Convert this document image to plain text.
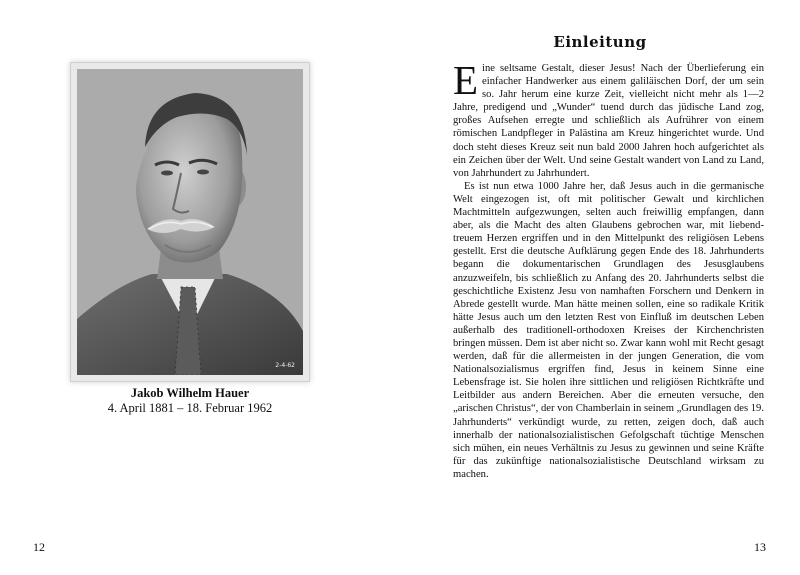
2-4-62
Jakob Wilhelm Hauer
4. April 1881 – 18. Februar 1962
12
Einleitung

Eine seltsame Gestalt, dieser Jesus! Nach der Überlieferung ein einfacher Handwerker aus einem galiläischen Dorf, der um sein so. Jahr herum eine kurze Zeit, vielleicht nicht mehr als 1—2 Jahre, predigend und „Wunder“ tuend durch das jüdische Land zog, großes Aufsehen erregte und schließlich als Aufrührer von einem römischen Landpfleger in Palästina am Kreuz hingerichtet wurde. Und doch steht dieses Kreuz seit nun bald 2000 Jahren hoch aufgerichtet als ein Zeichen über der Welt. Und seine Gestalt wandert von Land zu Land, von Jahrhundert zu Jahrhundert.

Es ist nun etwa 1000 Jahre her, daß Jesus auch in die germanische Welt eingezogen ist, oft mit politischer Gewalt und kirchlichen Machtmitteln aufgezwungen, selten auch freiwillig empfangen, dann aber, als die Macht des alten Glaubens gebrochen war, mit liebend-treuem Herzen ergriffen und in den Mittelpunkt des religiösen Lebens gestellt. Erst die deutsche Aufklärung gegen Ende des 18. Jahrhunderts begann die dokumentarischen Grundlagen des Jesusglaubens anzuzweifeln, bis schließlich zu Anfang des 20. Jahrhunderts selbst die geschichtliche Existenz Jesu von namhaften Forschern und Denkern in Abrede gestellt wurde. Man hätte meinen sollen, eine so radikale Kritik hätte Jesus auch um den letzten Rest von Einfluß im deutschen Leben außerhalb des traditionell-orthodoxen Kreises der Kirchenchristen bringen müssen. Dem ist aber nicht so. Zwar kann wohl mit Recht gesagt werden, daß für die allermeisten in der jungen Generation, die vom Nationalsozialismus ergriffen find, Jesus in keinem Sinne eine Lebensfrage ist. Sie holen ihre sittlichen und religiösen Richtkräfte und Leitbilder aus andern Bereichen. Aber die erneuten versuche, den „arischen Christus“, der von Chamberlain in seinem „Grundlagen des 19. Jahrhunderts“ verkündigt wurde, zu retten, zeigen doch, daß auch innerhalb der nationalsozialistischen Gefolgschaft tüchtige Menschen sich mühen, ein neues Verhältnis zu Jesus zu gewinnen und seine Kräfte für das zukünftige nationalsozialistische Deutschland wirksam zu machen.

13
